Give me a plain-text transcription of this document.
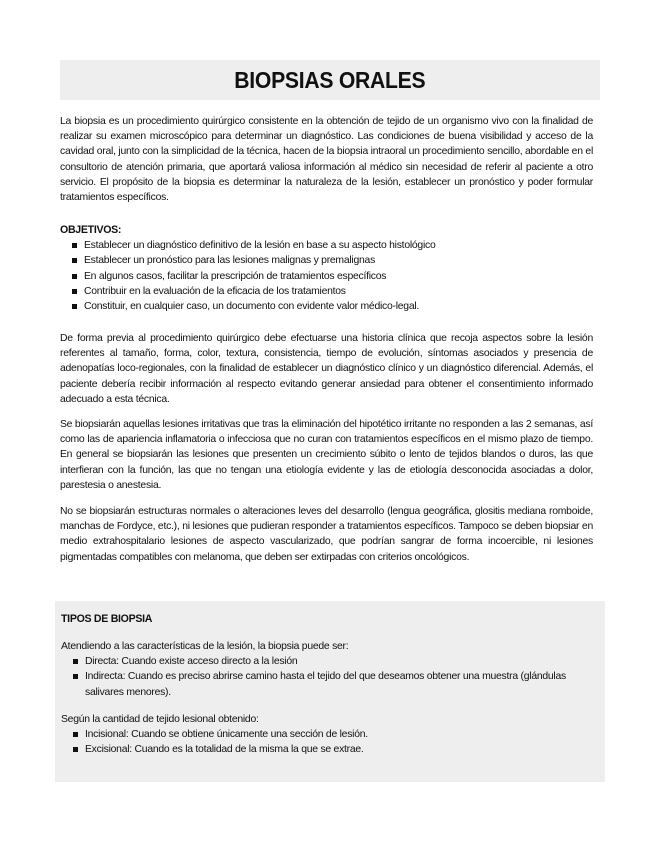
BIOPSIAS ORALES

La biopsia es un procedimiento quirúrgico consistente en la obtención de tejido de un organismo vivo con la finalidad de realizar su examen microscópico para determinar un diagnóstico. Las condiciones de buena visibilidad y acceso de la cavidad oral, junto con la simplicidad de la técnica, hacen de la biopsia intraoral un procedimiento sencillo, abordable en el consultorio de atención primaria, que aportará valiosa información al médico sin necesidad de referir al paciente a otro servicio. El propósito de la biopsia es determinar la naturaleza de la lesión, establecer un pronóstico y poder formular tratamientos específicos.

OBJETIVOS:

Establecer un diagnóstico definitivo de la lesión en base a su aspecto histológico
Establecer un pronóstico para las lesiones malignas y premalignas
En algunos casos, facilitar la prescripción de tratamientos específicos
Contribuir en la evaluación de la eficacia de los tratamientos
Constituir, en cualquier caso, un documento con evidente valor médico-legal.

De forma previa al procedimiento quirúrgico debe efectuarse una historia clínica que recoja aspectos sobre la lesión referentes al tamaño, forma, color, textura, consistencia, tiempo de evolución, síntomas asociados y presencia de adenopatías loco-regionales, con la finalidad de establecer un diagnóstico clínico y un diagnóstico diferencial. Además, el paciente debería recibir información al respecto evitando generar ansiedad para obtener el consentimiento informado adecuado a esta técnica.

Se biopsiarán aquellas lesiones irritativas que tras la eliminación del hipotético irritante no responden a las 2 semanas, así como las de apariencia inflamatoria o infecciosa que no curan con tratamientos específicos en el mismo plazo de tiempo. En general se biopsiarán las lesiones que presenten un crecimiento súbito o lento de tejidos blandos o duros, las que interfieran con la función, las que no tengan una etiología evidente y las de etiología desconocida asociadas a dolor, parestesia o anestesia.

No se biopsiarán estructuras normales o alteraciones leves del desarrollo (lengua geográfica, glositis mediana romboide, manchas de Fordyce, etc.), ni lesiones que pudieran responder a tratamientos específicos. Tampoco se deben biopsiar en medio extrahospitalario lesiones de aspecto vascularizado, que podrían sangrar de forma incoercible, ni lesiones pigmentadas compatibles con melanoma, que deben ser extirpadas con criterios oncológicos.

TIPOS DE BIOPSIA

Atendiendo a las características de la lesión, la biopsia puede ser:

Directa: Cuando existe acceso directo a la lesión
Indirecta: Cuando es preciso abrirse camino hasta el tejido del que deseamos obtener una muestra (glándulas salivares menores).

Según la cantidad de tejido lesional obtenido:

Incisional: Cuando se obtiene únicamente una sección de lesión.
Excisional: Cuando es la totalidad de la misma la que se extrae.
